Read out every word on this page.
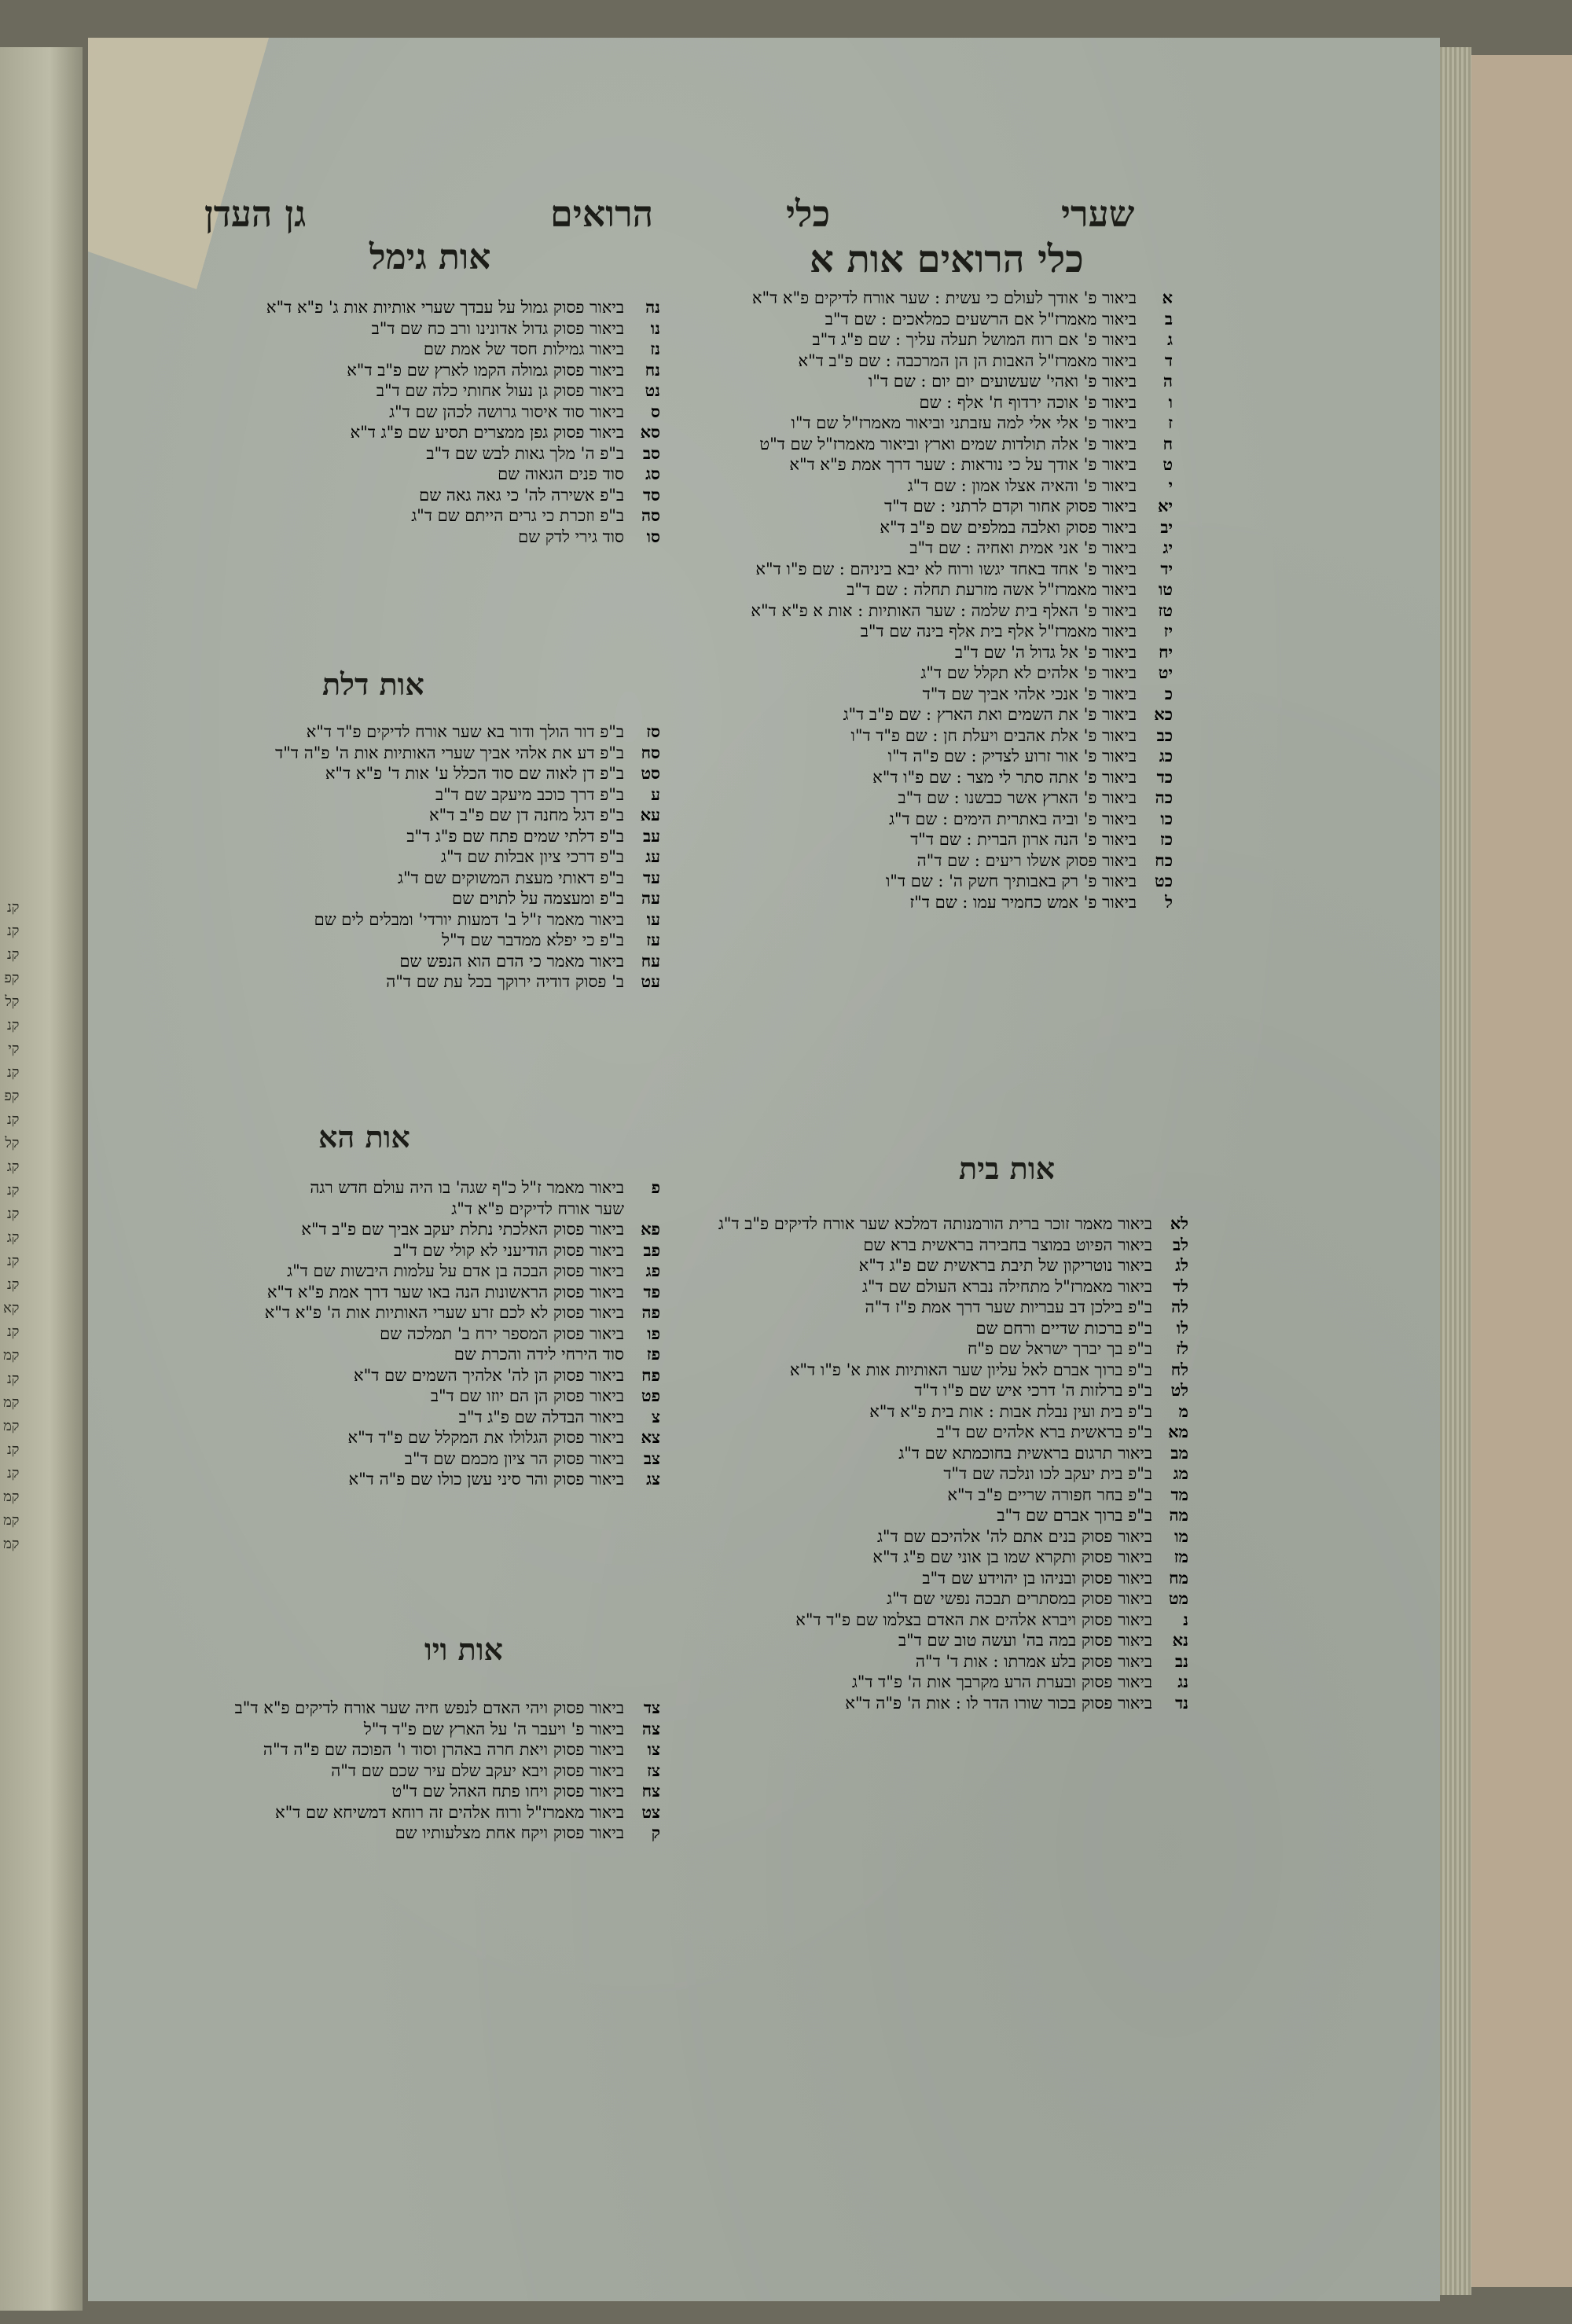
קנ
קנ
קנ
קפ
קל
קנ
קי
קנ
קפ
קנ
קל
קג
קנ
קנ
קג
קנ
קנ
קא
קנ
קמ
קנ
קמ
קמ
קנ
קנ
קמ
קמ
קמ
שערי
כלי
הרואים
גן העדן
כלי הרואים אות א
א
ביאור פ' אודך לעולם כי עשית : שער אורח לדיקים פ"א ד"א
ב
ביאור מאמרז"ל אם הרשעים כמלאכים : שם ד"ב
ג
ביאור פ' אם רוח המושל תעלה עליך : שם פ"ג ד"ב
ד
ביאור מאמרז"ל האבות הן הן המרכבה : שם פ"ב ד"א
ה
ביאור פ' ואהי' שעשועים יום יום : שם ד"ו
ו
ביאור פ' אוכה ירדוף ח' אלף : שם
ז
ביאור פ' אלי אלי למה עזבתני וביאור מאמרז"ל שם ד"ו
ח
ביאור פ' אלה תולדות שמים וארץ וביאור מאמרז"ל שם ד"ט
ט
ביאור פ' אודך על כי נוראות : שער דרך אמת פ"א ד"א
י
ביאור פ' והאיה אצלו אמון : שם ד"ג
יא
ביאור פסוק אחור וקדם לרתני : שם ד"ד
יב
ביאור פסוק ואלבה במלפים שם פ"ב ד"א
יג
ביאור פ' אני אמית ואחיה : שם ד"ב
יד
ביאור פ' אחד באחד יגשו ורוח לא יבא ביניהם : שם פ"ו ד"א
טו
ביאור מאמרז"ל אשה מזרעת תחלה : שם ד"ב
טז
ביאור פ' האלף בית שלמה : שער האותיות : אות א פ"א ד"א
יז
ביאור מאמרז"ל אלף בית אלף בינה שם ד"ב
יח
ביאור פ' אל גדול ה' שם ד"ב
יט
ביאור פ' אלהים לא תקלל שם ד"ג
כ
ביאור פ' אנכי אלהי אביך שם ד"ד
כא
ביאור פ' את השמים ואת הארץ : שם פ"ב ד"ג
כב
ביאור פ' אלת אהבים ויעלת חן : שם פ"ד ד"ו
כג
ביאור פ' אור זרוע לצדיק : שם פ"ה ד"ו
כד
ביאור פ' אתה סתר לי מצר : שם פ"ו ד"א
כה
ביאור פ' הארץ אשר כבשנו : שם ד"ב
כו
ביאור פ' וביה באתרית הימים : שם ד"ג
כז
ביאור פ' הנה ארון הברית : שם ד"ד
כח
ביאור פסוק אשלו ריעים : שם ד"ה
כט
ביאור פ' רק באבותיך חשק ה' : שם ד"ו
ל
ביאור פ' אמש כחמיר עמו : שם ד"ז
אות בית
לא
ביאור מאמר זוכר ברית הורמנותה דמלכא שער אורח לדיקים פ"ב ד"ג
לב
ביאור הפיוט במוצר בחבירה בראשית ברא שם
לג
ביאור נוטריקון של תיבת בראשית שם פ"ג ד"א
לד
ביאור מאמרז"ל מתחילה נברא העולם שם ד"ג
לה
ב"פ בילכן דב עבריות שער דרך אמת פ"ז ד"ה
לו
ב"פ ברכות שדיים ורחם שם
לז
ב"פ בך יברך ישראל שם פ"ח
לח
ב"פ ברוך אברם לאל עליון שער האותיות אות א' פ"ו ד"א
לט
ב"פ ברלזות ה' דרכי איש שם פ"ו ד"ד
מ
ב"פ בית ועין נבלת אבות : אות בית פ"א ד"א
מא
ב"פ בראשית ברא אלהים שם ד"ב
מב
ביאור תרגום בראשית בחוכמתא שם ד"ג
מג
ב"פ בית יעקב לכו ונלכה שם ד"ד
מד
ב"פ בחר חפורה שריים פ"ב ד"א
מה
ב"פ ברוך אברם שם ד"ב
מו
ביאור פסוק בנים אתם לה' אלהיכם שם ד"ג
מז
ביאור פסוק ותקרא שמו בן אוני שם פ"ג ד"א
מח
ביאור פסוק ובניהו בן יהוידע שם ד"ב
מט
ביאור פסוק במסתרים תבכה נפשי שם ד"ג
נ
ביאור פסוק ויברא אלהים את האדם בצלמו שם פ"ד ד"א
נא
ביאור פסוק במה בה' ועשה טוב שם ד"ב
נב
ביאור פסוק בלע אמרתו : אות ד' ד"ה
נג
ביאור פסוק ובערת הרע מקרבך אות ה' פ"ד ד"ג
נד
ביאור פסוק בכור שורו הדר לו : אות ה' פ"ה ד"א
אות גימל
נה
ביאור פסוק גמול על עבדך שערי אותיות אות ג' פ"א ד"א
נו
ביאור פסוק גדול אדונינו ורב כח שם ד"ב
נז
ביאור גמילות חסד של אמת שם
נח
ביאור פסוק גמולה הקמו לארץ שם פ"ב ד"א
נט
ביאור פסוק גן נעול אחותי כלה שם ד"ב
ס
ביאור סוד איסור גרושה לכהן שם ד"ג
סא
ביאור פסוק גפן ממצרים תסיע שם פ"ג ד"א
סב
ב"פ ה' מלך גאות לבש שם ד"ב
סג
סוד פנים הגאוה שם
סד
ב"פ אשירה לה' כי גאה גאה שם
סה
ב"פ וזכרת כי גרים הייתם שם ד"ג
סו
סוד גירי לדק שם
אות דלת
סז
ב"פ דור הולך ודור בא שער אורח לדיקים פ"ד ד"א
סח
ב"פ דע את אלהי אביך שערי האותיות אות ה' פ"ה ד"ד
סט
ב"פ דן לאוה שם סוד הכלל ע' אות ד' פ"א ד"א
ע
ב"פ דרך כוכב מיעקב שם ד"ב
עא
ב"פ דגל מחנה דן שם פ"ב ד"א
עב
ב"פ דלתי שמים פתח שם פ"ג ד"ב
עג
ב"פ דרכי ציון אבלות שם ד"ג
עד
ב"פ דאותי מעצת המשוקים שם ד"ג
עה
ב"פ ומעצמה על לתוים שם
עו
ביאור מאמר ז"ל ב' דמעות יורדי' ומבלים לים שם
עז
ב"פ כי יפלא ממדבר שם ד"ל
עח
ביאור מאמר כי הדם הוא הנפש שם
עט
ב' פסוק דודיה ירוקך בכל עת שם ד"ה
אות הא
פ
ביאור מאמר ז"ל כ"ף שגה' בו היה עולם חדש רגה
שער אורח לדיקים פ"א ד"ג
פא
ביאור פסוק האלכתי נתלת יעקב אביך שם פ"ב ד"א
פב
ביאור פסוק הודיעני לא קולי שם ד"ב
פג
ביאור פסוק הבכה בן אדם על עלמות היבשות שם ד"ג
פד
ביאור פסוק הראשונות הנה באו שער דרך אמת פ"א ד"א
פה
ביאור פסוק לא לכם זרע שערי האותיות אות ה' פ"א ד"א
פו
ביאור פסוק המספר ירח ב' תמלכה שם
פז
סוד הירחי לידה והכרת שם
פח
ביאור פסוק הן לה' אלהיך השמים שם ד"א
פט
ביאור פסוק הן הם יוזו שם ד"ב
צ
ביאור הבדלה שם פ"ג ד"ב
צא
ביאור פסוק הגלולו את המקלל שם פ"ד ד"א
צב
ביאור פסוק הר ציון מכמם שם ד"ב
צג
ביאור פסוק והר סיני עשן כולו שם פ"ה ד"א
אות ויו
צד
ביאור פסוק ויהי האדם לנפש חיה שער אורח לדיקים פ"א ד"ב
צה
ביאור פ' ויעבר ה' על הארץ שם פ"ד ד"ל
צו
ביאור פסוק ויאת חרה באהרן וסוד ו' הפוכה שם פ"ה ד"ה
צז
ביאור פסוק ויבא יעקב שלם עיר שכם שם ד"ה
צח
ביאור פסוק ויחו פתח האהל שם ד"ט
צט
ביאור מאמרז"ל ורוח אלהים זה רוחא דמשיחא שם ד"א
ק
ביאור פסוק ויקח אחת מצלעותיו שם
